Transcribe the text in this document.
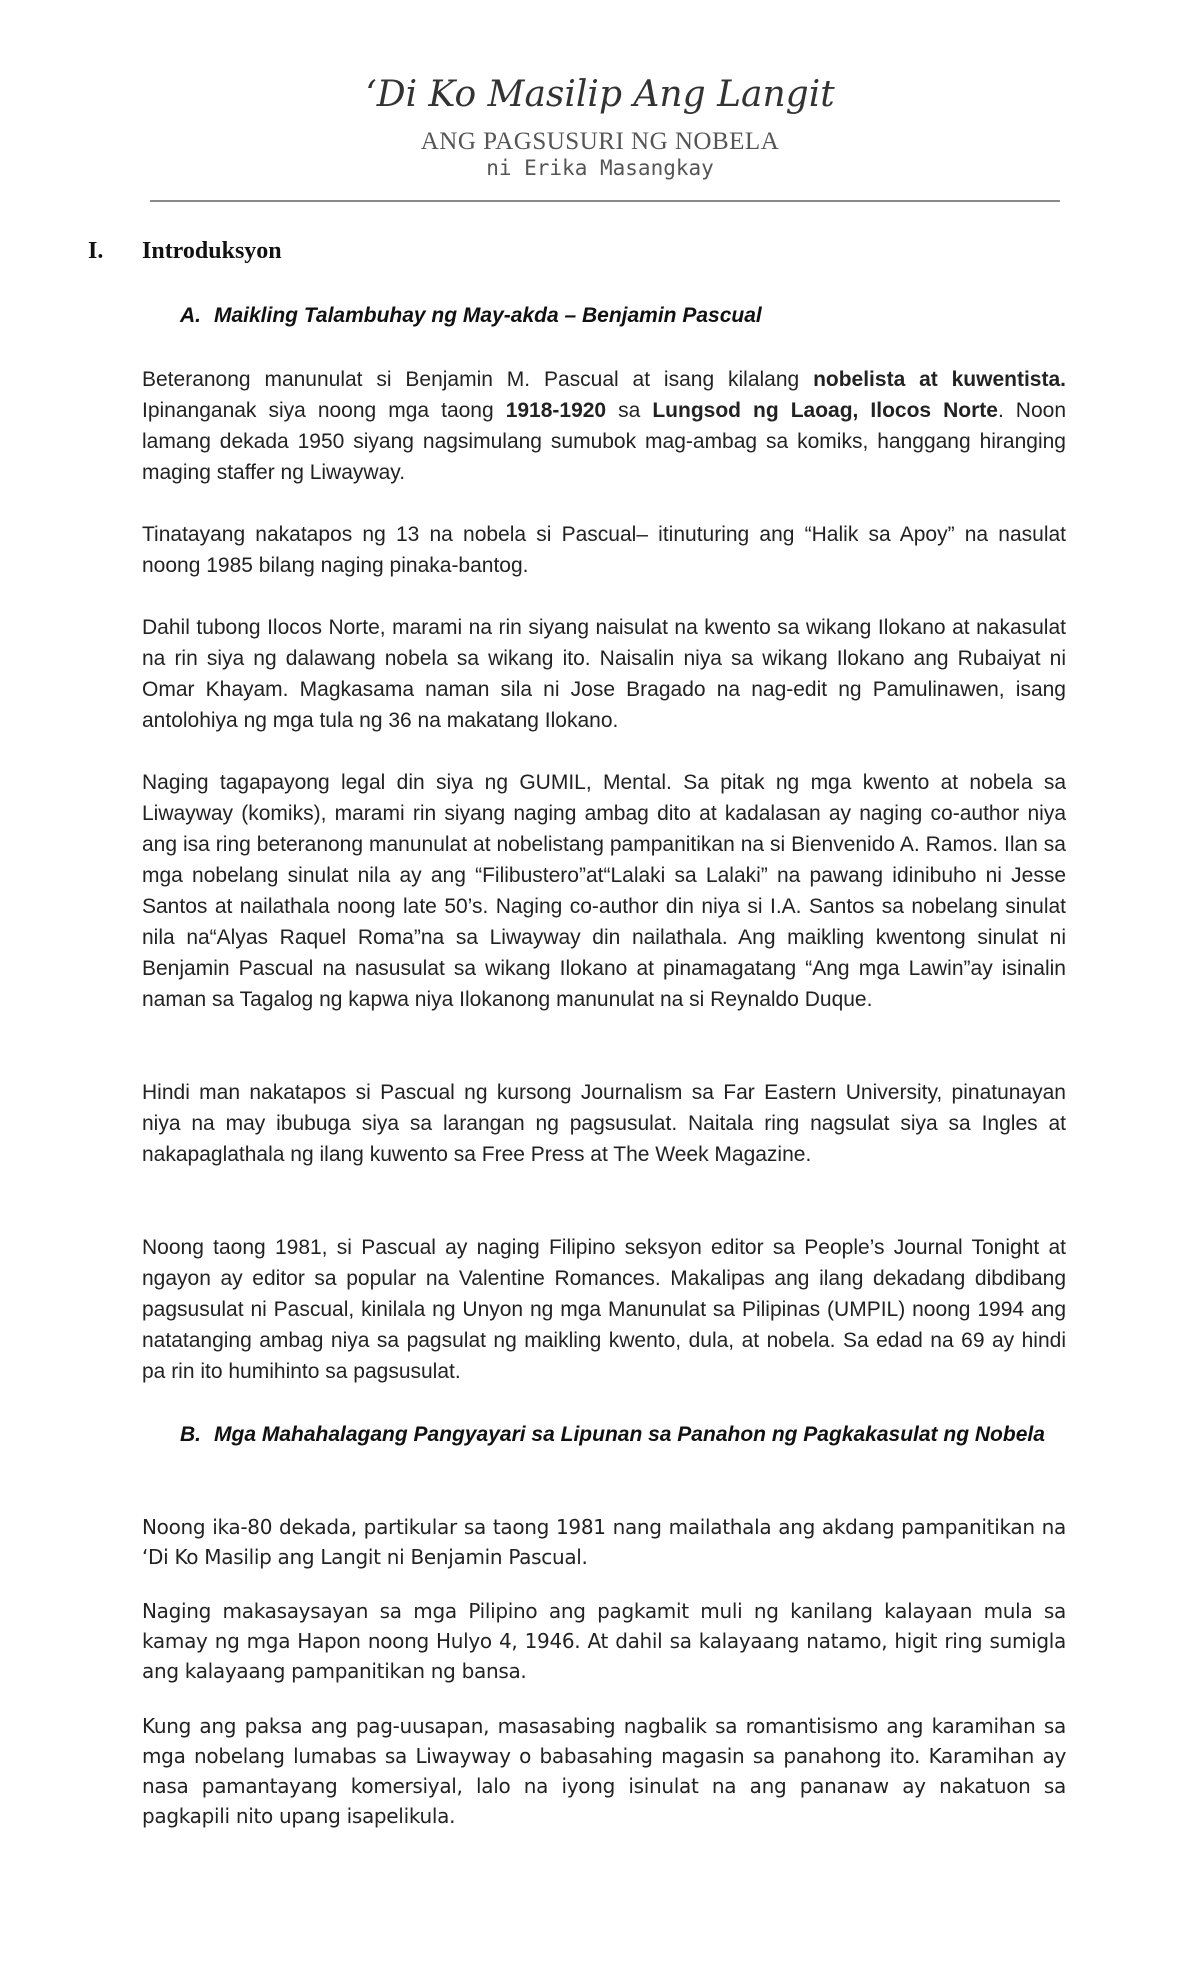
‘Di Ko Masilip Ang Langit
ANG PAGSUSURI NG NOBELA
ni Erika Masangkay
I. Introduksyon
A. Maikling Talambuhay ng May-akda – Benjamin Pascual
Beteranong manunulat si Benjamin M. Pascual at isang kilalang nobelista at kuwentista. Ipinanganak siya noong mga taong 1918-1920 sa Lungsod ng Laoag, Ilocos Norte. Noon lamang dekada 1950 siyang nagsimulang sumubok mag-ambag sa komiks, hanggang hiranging maging staffer ng Liwayway.
Tinatayang nakatapos ng 13 na nobela si Pascual– itinuturing ang “Halik sa Apoy” na nasulat noong 1985 bilang naging pinaka-bantog.
Dahil tubong Ilocos Norte, marami na rin siyang naisulat na kwento sa wikang Ilokano at nakasulat na rin siya ng dalawang nobela sa wikang ito. Naisalin niya sa wikang Ilokano ang Rubaiyat ni Omar Khayam. Magkasama naman sila ni Jose Bragado na nag-edit ng Pamulinawen, isang antolohiya ng mga tula ng 36 na makatang Ilokano.
Naging tagapayong legal din siya ng GUMIL, Mental. Sa pitak ng mga kwento at nobela sa Liwayway (komiks), marami rin siyang naging ambag dito at kadalasan ay naging co-author niya ang isa ring beteranong manunulat at nobelistang pampanitikan na si Bienvenido A. Ramos. Ilan sa mga nobelang sinulat nila ay ang “Filibustero”at“Lalaki sa Lalaki” na pawang idinibuho ni Jesse Santos at nailathala noong late 50’s. Naging co-author din niya si I.A. Santos sa nobelang sinulat nila na“Alyas Raquel Roma”na sa Liwayway din nailathala. Ang maikling kwentong sinulat ni Benjamin Pascual na nasusulat sa wikang Ilokano at pinamagatang “Ang mga Lawin”ay isinalin naman sa Tagalog ng kapwa niya Ilokanong manunulat na si Reynaldo Duque.
Hindi man nakatapos si Pascual ng kursong Journalism sa Far Eastern University, pinatunayan niya na may ibubuga siya sa larangan ng pagsusulat. Naitala ring nagsulat siya sa Ingles at nakapaglathala ng ilang kuwento sa Free Press at The Week Magazine.
Noong taong 1981, si Pascual ay naging Filipino seksyon editor sa People’s Journal Tonight at ngayon ay editor sa popular na Valentine Romances. Makalipas ang ilang dekadang dibdibang pagsusulat ni Pascual, kinilala ng Unyon ng mga Manunulat sa Pilipinas (UMPIL) noong 1994 ang natatanging ambag niya sa pagsulat ng maikling kwento, dula, at nobela. Sa edad na 69 ay hindi pa rin ito humihinto sa pagsusulat.
B. Mga Mahahalagang Pangyayari sa Lipunan sa Panahon ng Pagkakasulat ng Nobela
Noong ika-80 dekada, partikular sa taong 1981 nang mailathala ang akdang pampanitikan na ‘Di Ko Masilip ang Langit ni Benjamin Pascual.
Naging makasaysayan sa mga Pilipino ang pagkamit muli ng kanilang kalayaan mula sa kamay ng mga Hapon noong Hulyo 4, 1946. At dahil sa kalayaang natamo, higit ring sumigla ang kalayaang pampanitikan ng bansa.
Kung ang paksa ang pag-uusapan, masasabing nagbalik sa romantisismo ang karamihan sa mga nobelang lumabas sa Liwayway o babasahing magasin sa panahong ito. Karamihan ay nasa pamantayang komersiyal, lalo na iyong isinulat na ang pananaw ay nakatuon sa pagkapili nito upang isapelikula.
